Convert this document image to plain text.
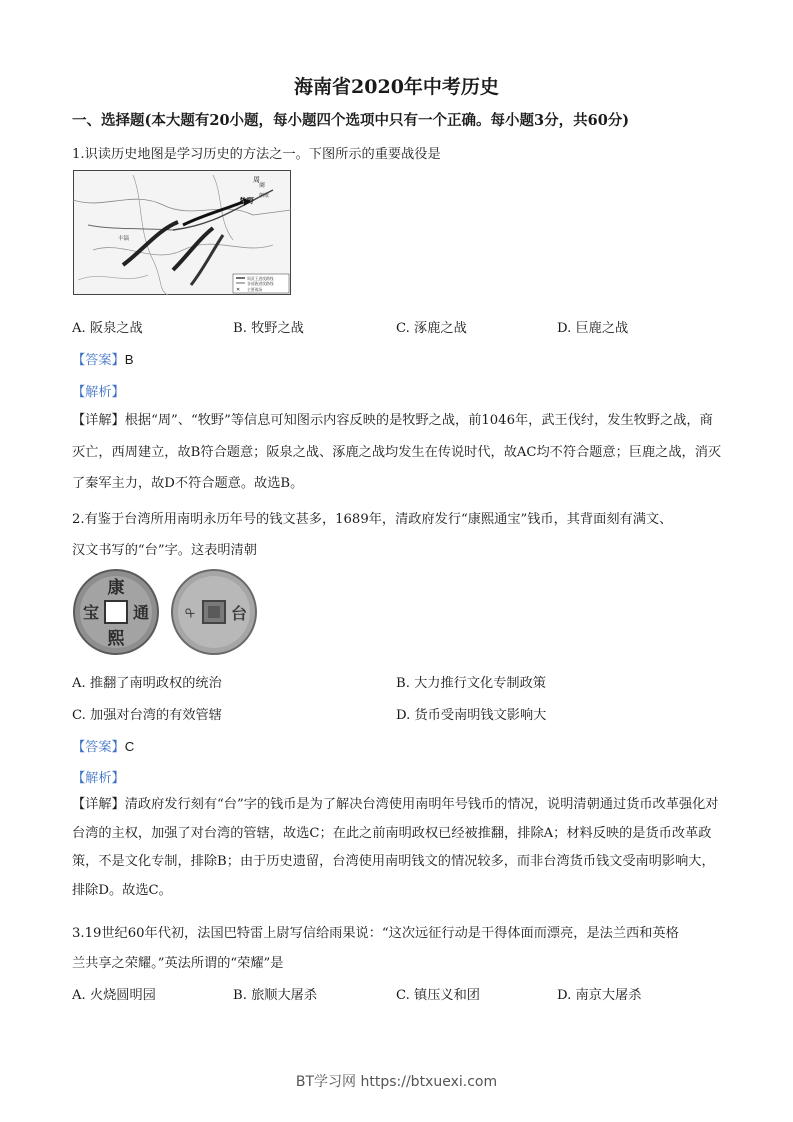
海南省2020年中考历史
一、选择题(本大题有20小题，每小题四个选项中只有一个正确。每小题3分，共60分)
1.识读历史地图是学习历史的方法之一。下图所示的重要战役是
周
商
牧野 朝歌
丰镐
✕
周武王进攻路线
各部族进攻路线
主要战场
A. 阪泉之战	B. 牧野之战	C. 涿鹿之战	D. 巨鹿之战
【答案】B
【解析】
【详解】根据“周”、“牧野”等信息可知图示内容反映的是牧野之战，前1046年，武王伐纣，发生牧野之战，商灭亡，西周建立，故B符合题意；阪泉之战、涿鹿之战均发生在传说时代，故AC均不符合题意；巨鹿之战，消灭了秦军主力，故D不符合题意。故选B。
2.有鉴于台湾所用南明永历年号的钱文甚多，1689年，清政府发行“康熙通宝”钱币，其背面刻有满文、
汉文书写的“台”字。这表明清朝
康
熙
通
宝	台
ᠲ
A. 推翻了南明政权的统治	B. 大力推行文化专制政策
C. 加强对台湾的有效管辖	D. 货币受南明钱文影响大
【答案】C
【解析】
【详解】清政府发行刻有“台”字的钱币是为了解决台湾使用南明年号钱币的情况，说明清朝通过货币改革强化对台湾的主权，加强了对台湾的管辖，故选C；在此之前南明政权已经被推翻，排除A；材料反映的是货币改革政策，不是文化专制，排除B；由于历史遗留，台湾使用南明钱文的情况较多，而非台湾货币钱文受南明影响大，排除D。故选C。
3.19世纪60年代初，法国巴特雷上尉写信给雨果说：“这次远征行动是干得体面而漂亮，是法兰西和英格
兰共享之荣耀。”英法所谓的“荣耀”是
A. 火烧圆明园	B. 旅顺大屠杀	C. 镇压义和团	D. 南京大屠杀
BT学习网 https://btxuexi.com
